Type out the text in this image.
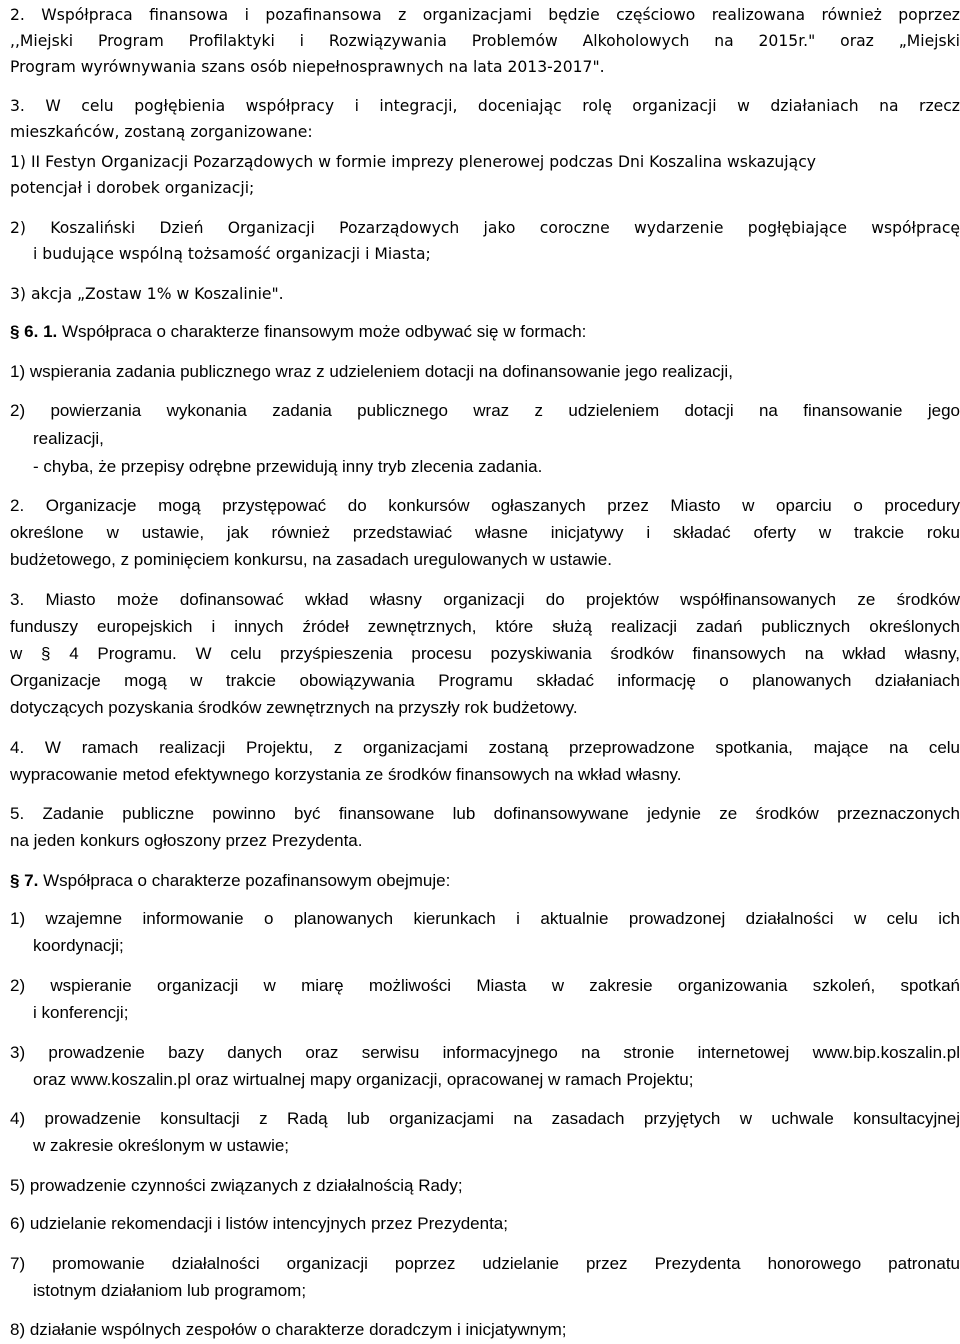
2. Współpraca finansowa i pozafinansowa z organizacjami będzie częściowo realizowana również poprzez

,,Miejski Program Profilaktyki i Rozwiązywania Problemów Alkoholowych na 2015r." oraz „Miejski

Program wyrównywania szans osób niepełnosprawnych na lata 2013-2017".

3. W celu pogłębienia współpracy i integracji, doceniając rolę organizacji w działaniach na rzecz

mieszkańców, zostaną zorganizowane:

1) II Festyn Organizacji Pozarządowych w formie imprezy plenerowej podczas Dni Koszalina wskazujący

potencjał i dorobek organizacji;

2) Koszaliński Dzień Organizacji Pozarządowych jako coroczne wydarzenie pogłębiające współpracę

i budujące wspólną tożsamość organizacji i Miasta;

3) akcja „Zostaw 1% w Koszalinie".

§ 6. 1. Współpraca o charakterze finansowym może odbywać się w formach:

1) wspierania zadania publicznego wraz z udzieleniem dotacji na dofinansowanie jego realizacji,

2) powierzania wykonania zadania publicznego wraz z udzieleniem dotacji na finansowanie jego

realizacji,

- chyba, że przepisy odrębne przewidują inny tryb zlecenia zadania.

2. Organizacje mogą przystępować do konkursów ogłaszanych przez Miasto w oparciu o procedury

określone w ustawie, jak również przedstawiać własne inicjatywy i składać oferty w trakcie roku

budżetowego, z pominięciem konkursu, na zasadach uregulowanych w ustawie.

3. Miasto może dofinansować wkład własny organizacji do projektów współfinansowanych ze środków

funduszy europejskich i innych źródeł zewnętrznych, które służą realizacji zadań publicznych określonych

w § 4 Programu. W celu przyśpieszenia procesu pozyskiwania środków finansowych na wkład własny,

Organizacje mogą w trakcie obowiązywania Programu składać informację o planowanych działaniach

dotyczących pozyskania środków zewnętrznych na przyszły rok budżetowy.

4. W ramach realizacji Projektu, z organizacjami zostaną przeprowadzone spotkania, mające na celu

wypracowanie metod efektywnego korzystania ze środków finansowych na wkład własny.

5. Zadanie publiczne powinno być finansowane lub dofinansowywane jedynie ze środków przeznaczonych

na jeden konkurs ogłoszony przez Prezydenta.

§ 7. Współpraca o charakterze pozafinansowym obejmuje:

1) wzajemne informowanie o planowanych kierunkach i aktualnie prowadzonej działalności w celu ich

koordynacji;

2) wspieranie organizacji w miarę możliwości Miasta w zakresie organizowania szkoleń, spotkań

i konferencji;

3) prowadzenie bazy danych oraz serwisu informacyjnego na stronie internetowej www.bip.koszalin.pl

oraz www.koszalin.pl oraz wirtualnej mapy organizacji, opracowanej w ramach Projektu;

4) prowadzenie konsultacji z Radą lub organizacjami na zasadach przyjętych w uchwale konsultacyjnej

w zakresie określonym w ustawie;

5) prowadzenie czynności związanych z działalnością Rady;

6) udzielanie rekomendacji i listów intencyjnych przez Prezydenta;

7) promowanie działalności organizacji poprzez udzielanie przez Prezydenta honorowego patronatu

istotnym działaniom lub programom;

8) działanie wspólnych zespołów o charakterze doradczym i inicjatywnym;
